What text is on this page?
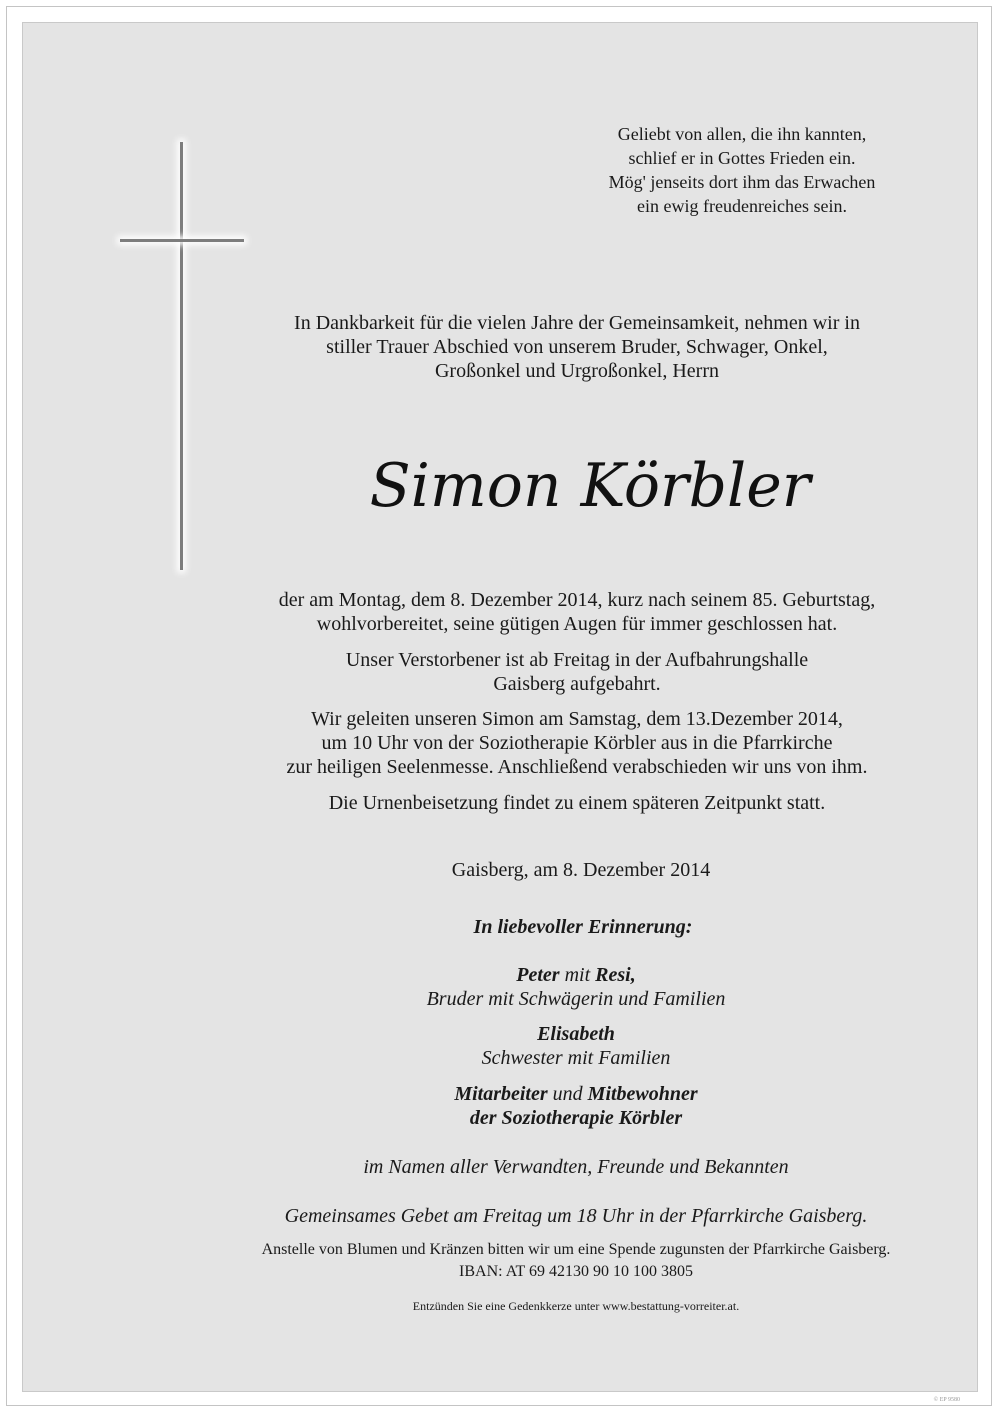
Geliebt von allen, die ihn kannten,
schlief er in Gottes Frieden ein.
Mög' jenseits dort ihm das Erwachen
ein ewig freudenreiches sein.
In Dankbarkeit für die vielen Jahre der Gemeinsamkeit, nehmen wir in
stiller Trauer Abschied von unserem Bruder, Schwager, Onkel,
Großonkel und Urgroßonkel, Herrn
Simon Körbler
der am Montag, dem 8. Dezember 2014, kurz nach seinem 85. Geburtstag,
wohlvorbereitet, seine gütigen Augen für immer geschlossen hat.
Unser Verstorbener ist ab Freitag in der Aufbahrungshalle
Gaisberg aufgebahrt.
Wir geleiten unseren Simon am Samstag, dem 13.Dezember 2014,
um 10 Uhr von der Soziotherapie Körbler aus in die Pfarrkirche
zur heiligen Seelenmesse. Anschließend verabschieden wir uns von ihm.
Die Urnenbeisetzung findet zu einem späteren Zeitpunkt statt.
Gaisberg, am 8. Dezember 2014
In liebevoller Erinnerung:
Peter mit Resi,
Bruder mit Schwägerin und Familien
Elisabeth
Schwester mit Familien
Mitarbeiter und Mitbewohner
der Soziotherapie Körbler
im Namen aller Verwandten, Freunde und Bekannten
Gemeinsames Gebet am Freitag um 18 Uhr in der Pfarrkirche Gaisberg.
Anstelle von Blumen und Kränzen bitten wir um eine Spende zugunsten der Pfarrkirche Gaisberg.
IBAN: AT 69 42130 90 10 100 3805
Entzünden Sie eine Gedenkkerze unter www.bestattung-vorreiter.at.
© EP 9580
